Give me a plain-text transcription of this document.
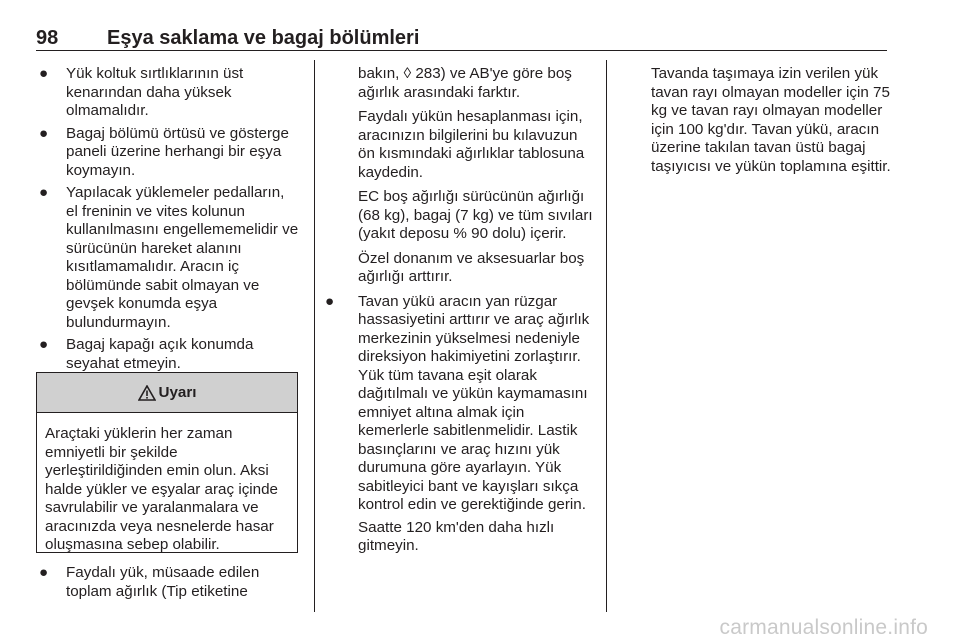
98 Eşya saklama ve bagaj bölümleri
● Yük koltuk sırtlıklarının üst kenarından daha yüksek olmamalıdır.
● Bagaj bölümü örtüsü ve gösterge paneli üzerine herhangi bir eşya koymayın.
● Yapılacak yüklemeler pedalların, el freninin ve vites kolunun kullanılmasını engellememelidir ve sürücünün hareket alanını kısıtlamamalıdır. Aracın iç bölümünde sabit olmayan ve gevşek konumda eşya bulundurmayın.
● Bagaj kapağı açık konumda seyahat etmeyin.
Uyarı
Araçtaki yüklerin her zaman emniyetli bir şekilde yerleştirildiğinden emin olun. Aksi halde yükler ve eşyalar araç içinde savrulabilir ve yaralanmalara ve aracınızda veya nesnelerde hasar oluşmasına sebep olabilir.
● Faydalı yük, müsaade edilen toplam ağırlık (Tip etiketine
bakın, ◊ 283) ve AB'ye göre boş ağırlık arasındaki farktır.
Faydalı yükün hesaplanması için, aracınızın bilgilerini bu kılavuzun ön kısmındaki ağırlıklar tablosuna kaydedin.
EC boş ağırlığı sürücünün ağırlığı (68 kg), bagaj (7 kg) ve tüm sıvıları (yakıt deposu % 90 dolu) içerir.
Özel donanım ve aksesuarlar boş ağırlığı arttırır.
● Tavan yükü aracın yan rüzgar hassasiyetini arttırır ve araç ağırlık merkezinin yükselmesi nedeniyle direksiyon hakimiyetini zorlaştırır. Yük tüm tavana eşit olarak dağıtılmalı ve yükün kaymamasını emniyet altına almak için kemerlerle sabitlenmelidir. Lastik basınçlarını ve araç hızını yük durumuna göre ayarlayın. Yük sabitleyici bant ve kayışları sıkça kontrol edin ve gerektiğinde gerin.
Saatte 120 km'den daha hızlı gitmeyin.
Tavanda taşımaya izin verilen yük tavan rayı olmayan modeller için 75 kg ve tavan rayı olmayan modeller için 100 kg'dır. Tavan yükü, aracın üzerine takılan tavan üstü bagaj taşıyıcısı ve yükün toplamına eşittir.
carmanualsonline.info
